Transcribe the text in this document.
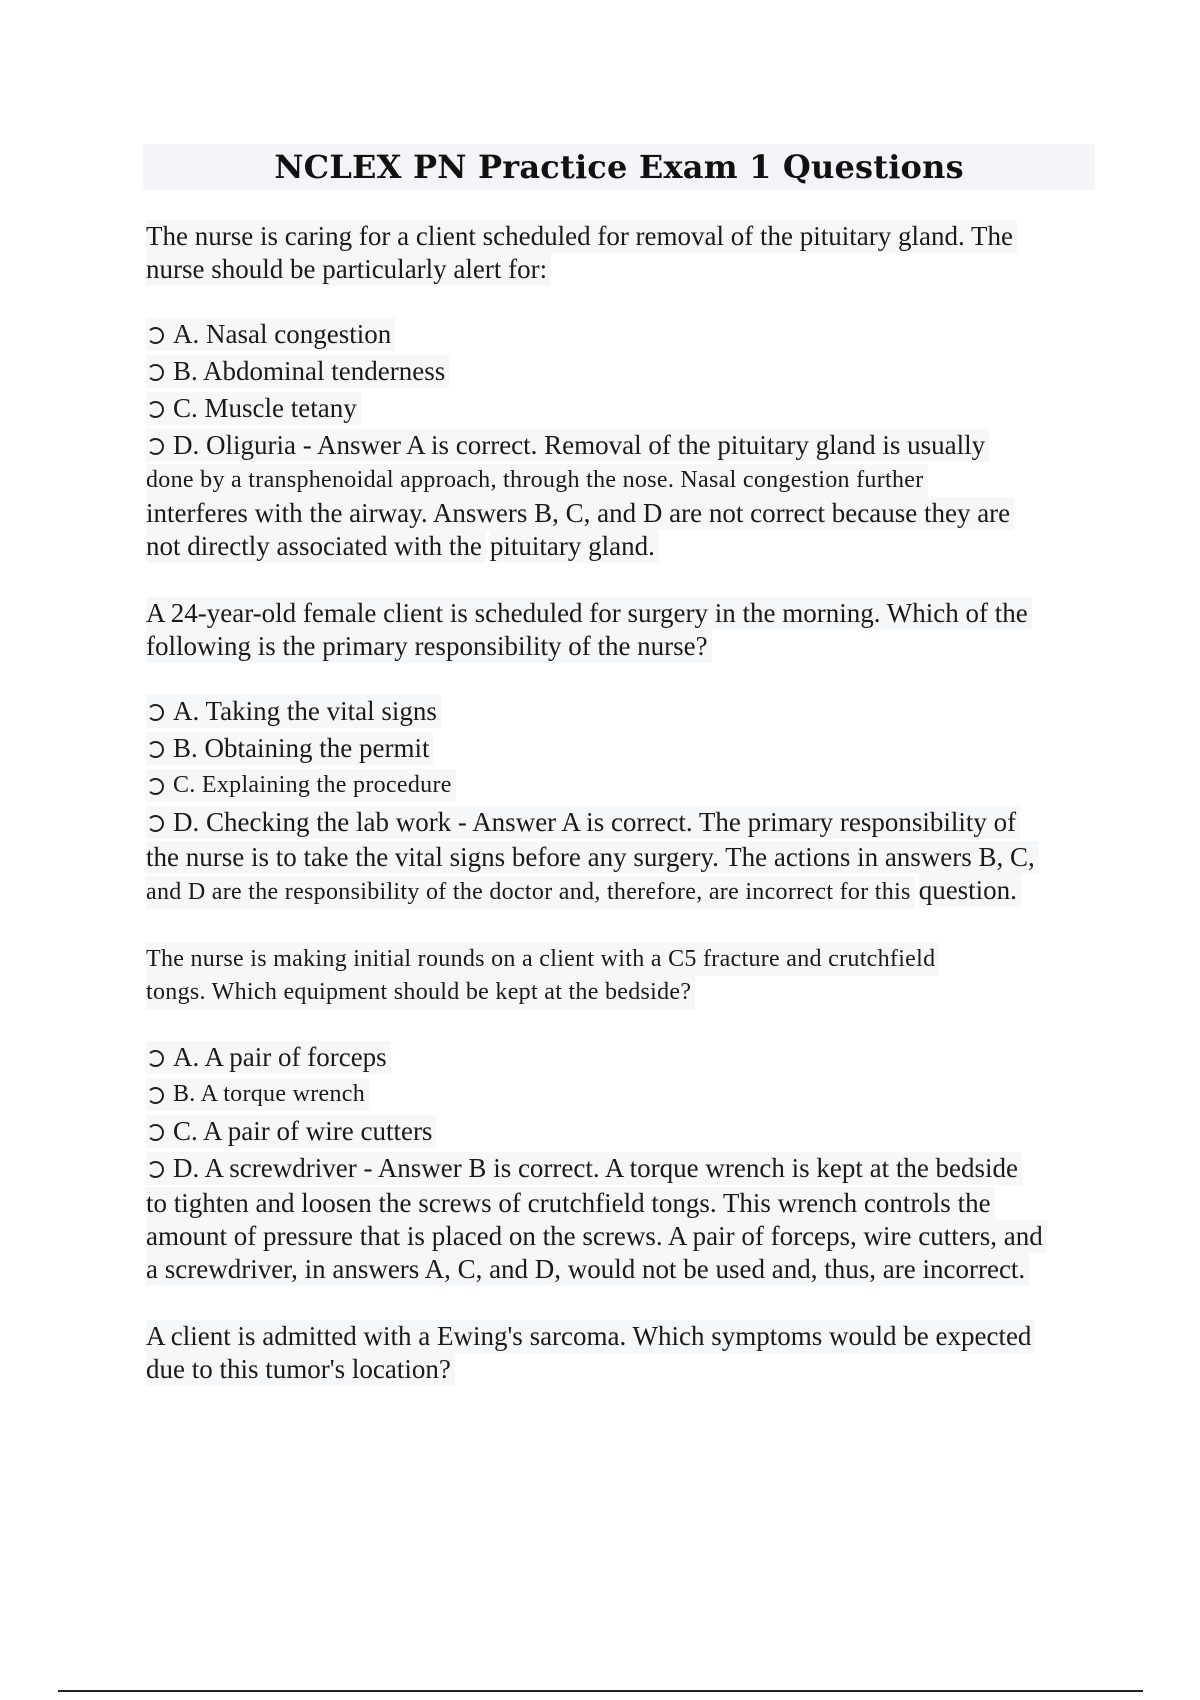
NCLEX PN Practice Exam 1 Questions
The nurse is caring for a client scheduled for removal of the pituitary gland. The nurse should be particularly alert for:
A. Nasal congestion
B. Abdominal tenderness
C. Muscle tetany
D. Oliguria - Answer A is correct. Removal of the pituitary gland is usually
done by a transphenoidal approach, through the nose. Nasal congestion further interferes with the airway. Answers B, C, and D are not correct because they are not directly associated with the pituitary gland.
A 24-year-old female client is scheduled for surgery in the morning. Which of the following is the primary responsibility of the nurse?
A. Taking the vital signs
B. Obtaining the permit
C. Explaining the procedure
D. Checking the lab work - Answer A is correct. The primary responsibility of
the nurse is to take the vital signs before any surgery. The actions in answers B, C, and D are the responsibility of the doctor and, therefore, are incorrect for this question.
The nurse is making initial rounds on a client with a C5 fracture and crutchfield tongs. Which equipment should be kept at the bedside?
A. A pair of forceps
B. A torque wrench
C. A pair of wire cutters
D. A screwdriver - Answer B is correct. A torque wrench is kept at the bedside
to tighten and loosen the screws of crutchfield tongs. This wrench controls the amount of pressure that is placed on the screws. A pair of forceps, wire cutters, and a screwdriver, in answers A, C, and D, would not be used and, thus, are incorrect.
A client is admitted with a Ewing's sarcoma. Which symptoms would be expected due to this tumor's location?
